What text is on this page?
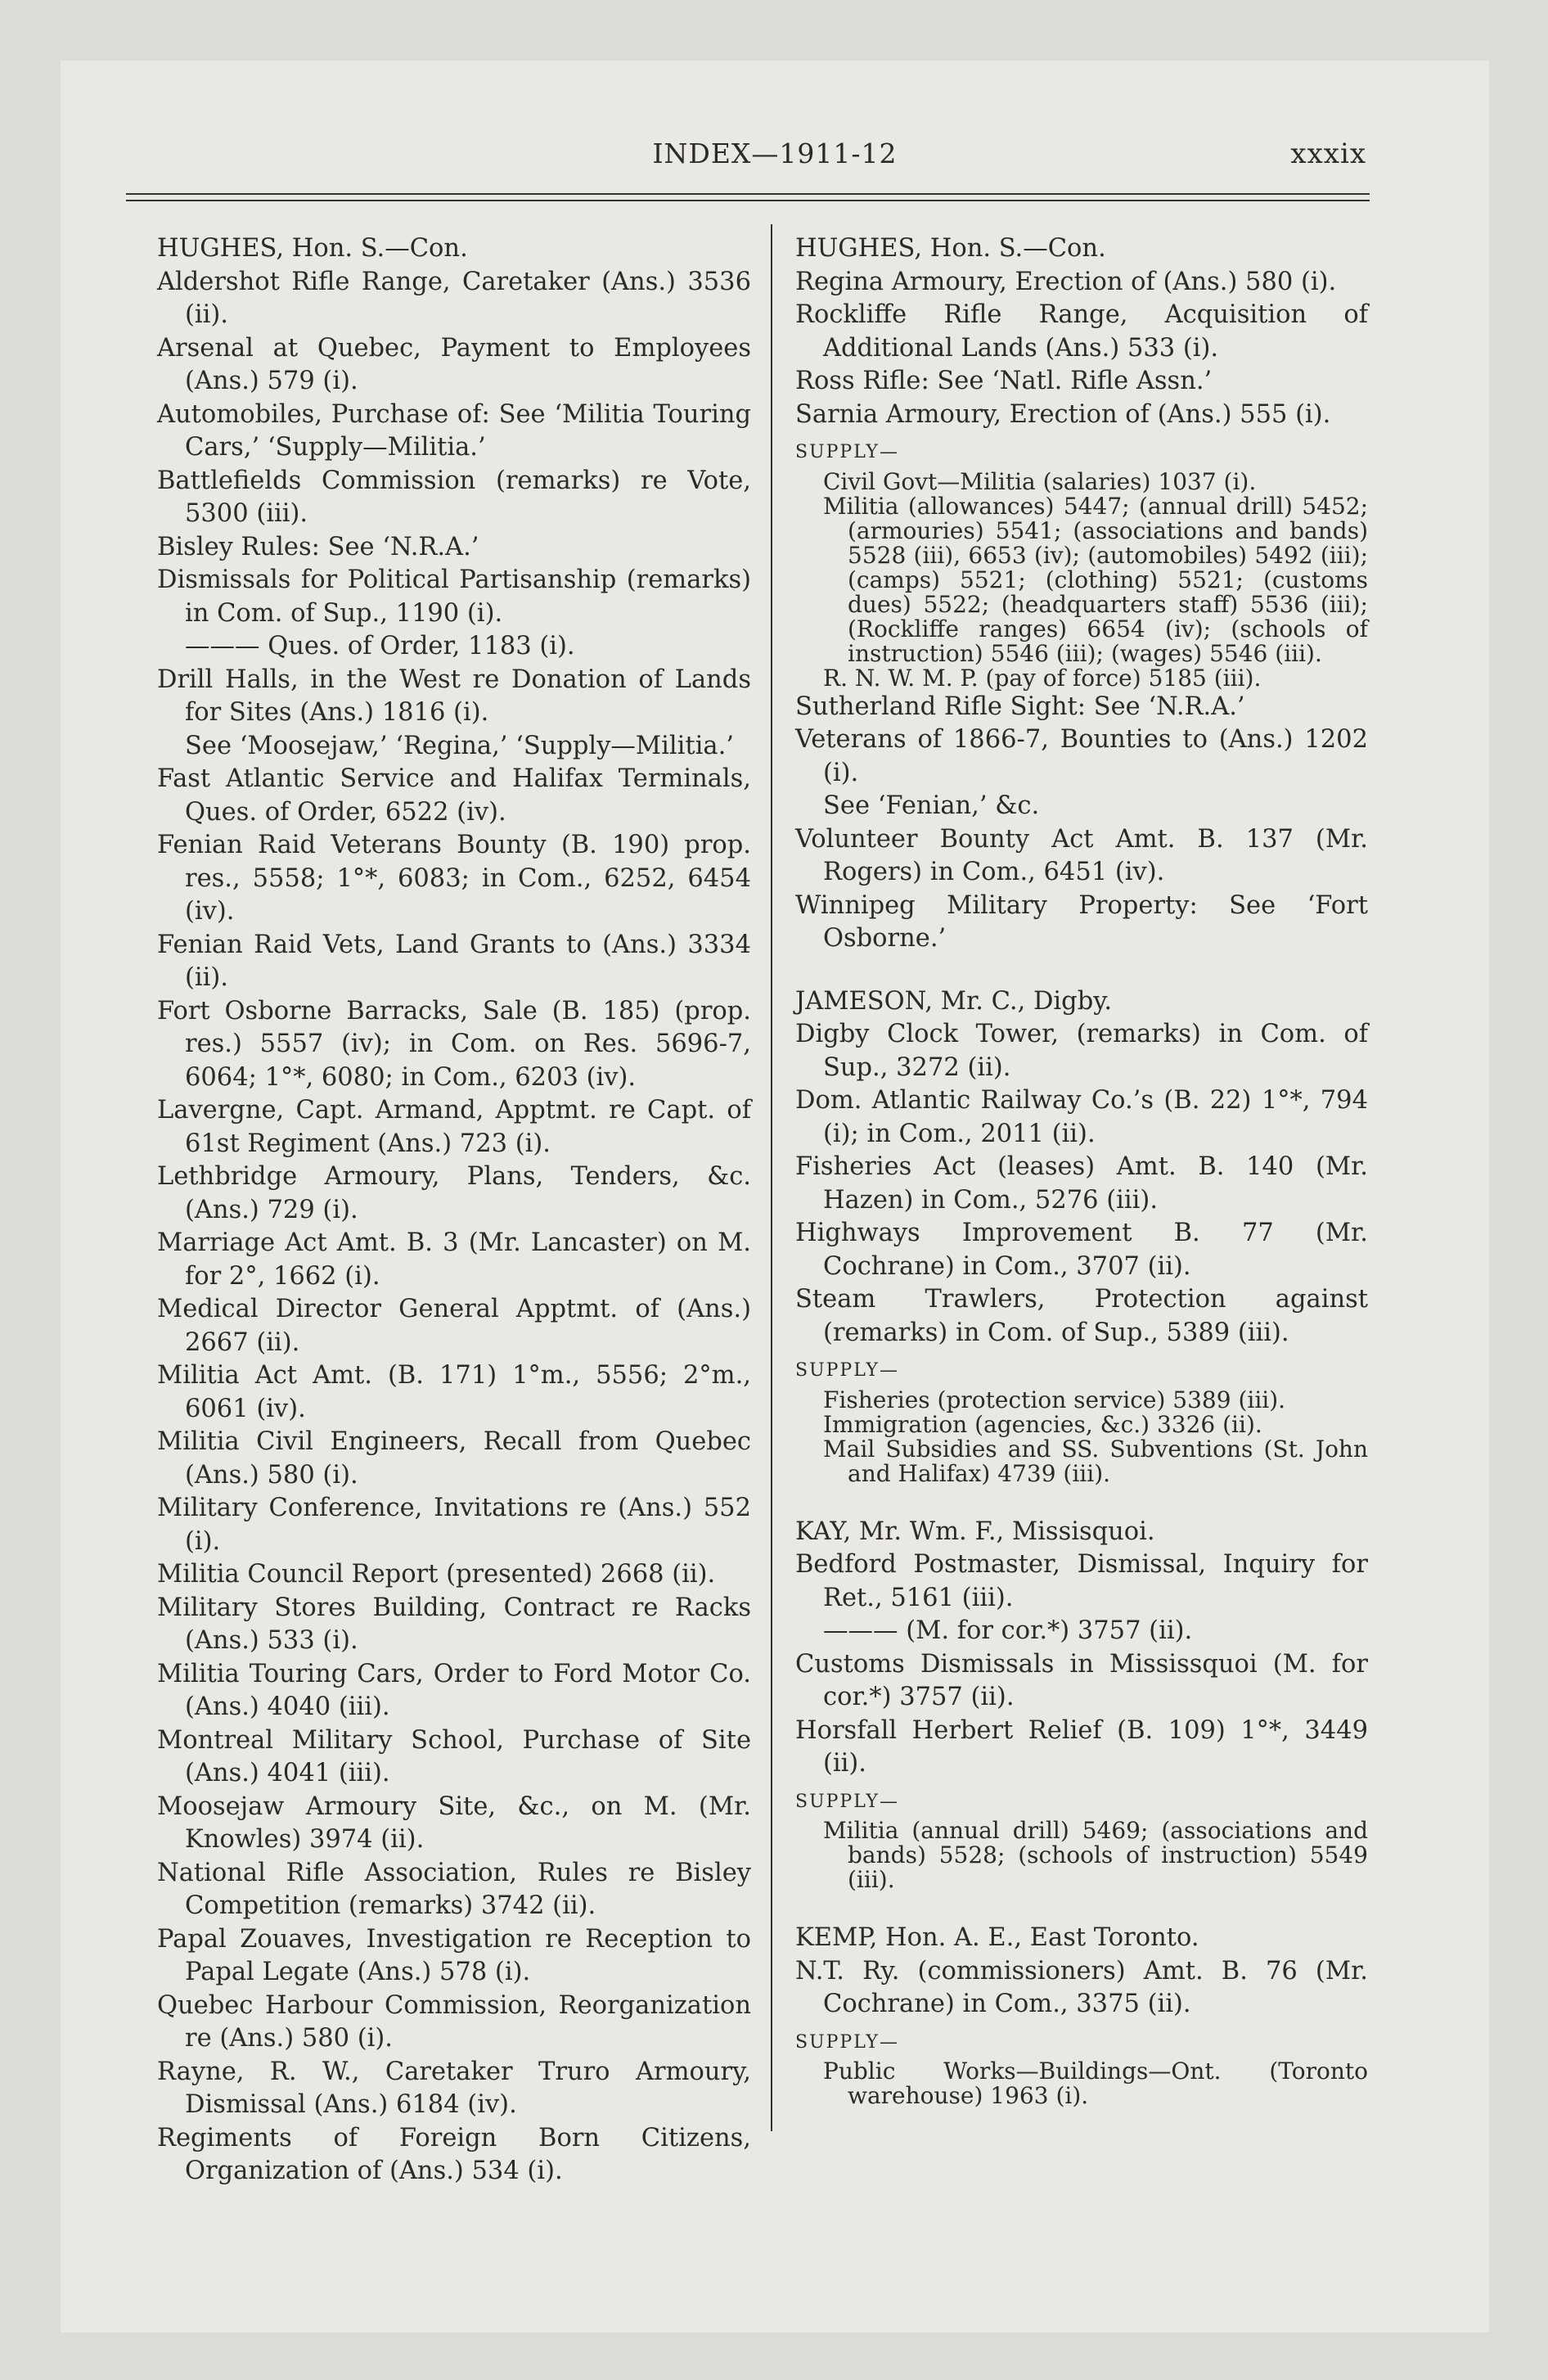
INDEX—1911-12	xxxix
HUGHES, Hon. S.—Con.
Aldershot Rifle Range, Caretaker (Ans.) 3536 (ii).
Arsenal at Quebec, Payment to Employees (Ans.) 579 (i).
Automobiles, Purchase of: See ‘Militia Touring Cars,’ ‘Supply—Militia.’
Battlefields Commission (remarks) re Vote, 5300 (iii).
Bisley Rules: See ‘N.R.A.’
Dismissals for Political Partisanship (remarks) in Com. of Sup., 1190 (i).
——— Ques. of Order, 1183 (i).
Drill Halls, in the West re Donation of Lands for Sites (Ans.) 1816 (i).
See ‘Moosejaw,’ ‘Regina,’ ‘Supply—Militia.’
Fast Atlantic Service and Halifax Terminals, Ques. of Order, 6522 (iv).
Fenian Raid Veterans Bounty (B. 190) prop. res., 5558; 1°*, 6083; in Com., 6252, 6454 (iv).
Fenian Raid Vets, Land Grants to (Ans.) 3334 (ii).
Fort Osborne Barracks, Sale (B. 185) (prop. res.) 5557 (iv); in Com. on Res. 5696-7, 6064; 1°*, 6080; in Com., 6203 (iv).
Lavergne, Capt. Armand, Apptmt. re Capt. of 61st Regiment (Ans.) 723 (i).
Lethbridge Armoury, Plans, Tenders, &c. (Ans.) 729 (i).
Marriage Act Amt. B. 3 (Mr. Lancaster) on M. for 2°, 1662 (i).
Medical Director General Apptmt. of (Ans.) 2667 (ii).
Militia Act Amt. (B. 171) 1°m., 5556; 2°m., 6061 (iv).
Militia Civil Engineers, Recall from Quebec (Ans.) 580 (i).
Military Conference, Invitations re (Ans.) 552 (i).
Militia Council Report (presented) 2668 (ii).
Military Stores Building, Contract re Racks (Ans.) 533 (i).
Militia Touring Cars, Order to Ford Motor Co. (Ans.) 4040 (iii).
Montreal Military School, Purchase of Site (Ans.) 4041 (iii).
Moosejaw Armoury Site, &c., on M. (Mr. Knowles) 3974 (ii).
National Rifle Association, Rules re Bisley Competition (remarks) 3742 (ii).
Papal Zouaves, Investigation re Reception to Papal Legate (Ans.) 578 (i).
Quebec Harbour Commission, Reorganization re (Ans.) 580 (i).
Rayne, R. W., Caretaker Truro Armoury, Dismissal (Ans.) 6184 (iv).
Regiments of Foreign Born Citizens, Organization of (Ans.) 534 (i).
HUGHES, Hon. S.—Con.
Regina Armoury, Erection of (Ans.) 580 (i).
Rockliffe Rifle Range, Acquisition of Additional Lands (Ans.) 533 (i).
Ross Rifle: See ‘Natl. Rifle Assn.’
Sarnia Armoury, Erection of (Ans.) 555 (i).
SUPPLY—
Civil Govt—Militia (salaries) 1037 (i).
Militia (allowances) 5447; (annual drill) 5452; (armouries) 5541; (associations and bands) 5528 (iii), 6653 (iv); (automobiles) 5492 (iii); (camps) 5521; (clothing) 5521; (customs dues) 5522; (headquarters staff) 5536 (iii); (Rockliffe ranges) 6654 (iv); (schools of instruction) 5546 (iii); (wages) 5546 (iii).
R. N. W. M. P. (pay of force) 5185 (iii).
Sutherland Rifle Sight: See ‘N.R.A.’
Veterans of 1866-7, Bounties to (Ans.) 1202 (i).
See ‘Fenian,’ &c.
Volunteer Bounty Act Amt. B. 137 (Mr. Rogers) in Com., 6451 (iv).
Winnipeg Military Property: See ‘Fort Osborne.’
JAMESON, Mr. C., Digby.
Digby Clock Tower, (remarks) in Com. of Sup., 3272 (ii).
Dom. Atlantic Railway Co.’s (B. 22) 1°*, 794 (i); in Com., 2011 (ii).
Fisheries Act (leases) Amt. B. 140 (Mr. Hazen) in Com., 5276 (iii).
Highways Improvement B. 77 (Mr. Cochrane) in Com., 3707 (ii).
Steam Trawlers, Protection against (remarks) in Com. of Sup., 5389 (iii).
SUPPLY—
Fisheries (protection service) 5389 (iii).
Immigration (agencies, &c.) 3326 (ii).
Mail Subsidies and SS. Subventions (St. John and Halifax) 4739 (iii).
KAY, Mr. Wm. F., Missisquoi.
Bedford Postmaster, Dismissal, Inquiry for Ret., 5161 (iii).
——— (M. for cor.*) 3757 (ii).
Customs Dismissals in Mississquoi (M. for cor.*) 3757 (ii).
Horsfall Herbert Relief (B. 109) 1°*, 3449 (ii).
SUPPLY—
Militia (annual drill) 5469; (associations and bands) 5528; (schools of instruction) 5549 (iii).
KEMP, Hon. A. E., East Toronto.
N.T. Ry. (commissioners) Amt. B. 76 (Mr. Cochrane) in Com., 3375 (ii).
SUPPLY—
Public Works—Buildings—Ont. (Toronto warehouse) 1963 (i).
